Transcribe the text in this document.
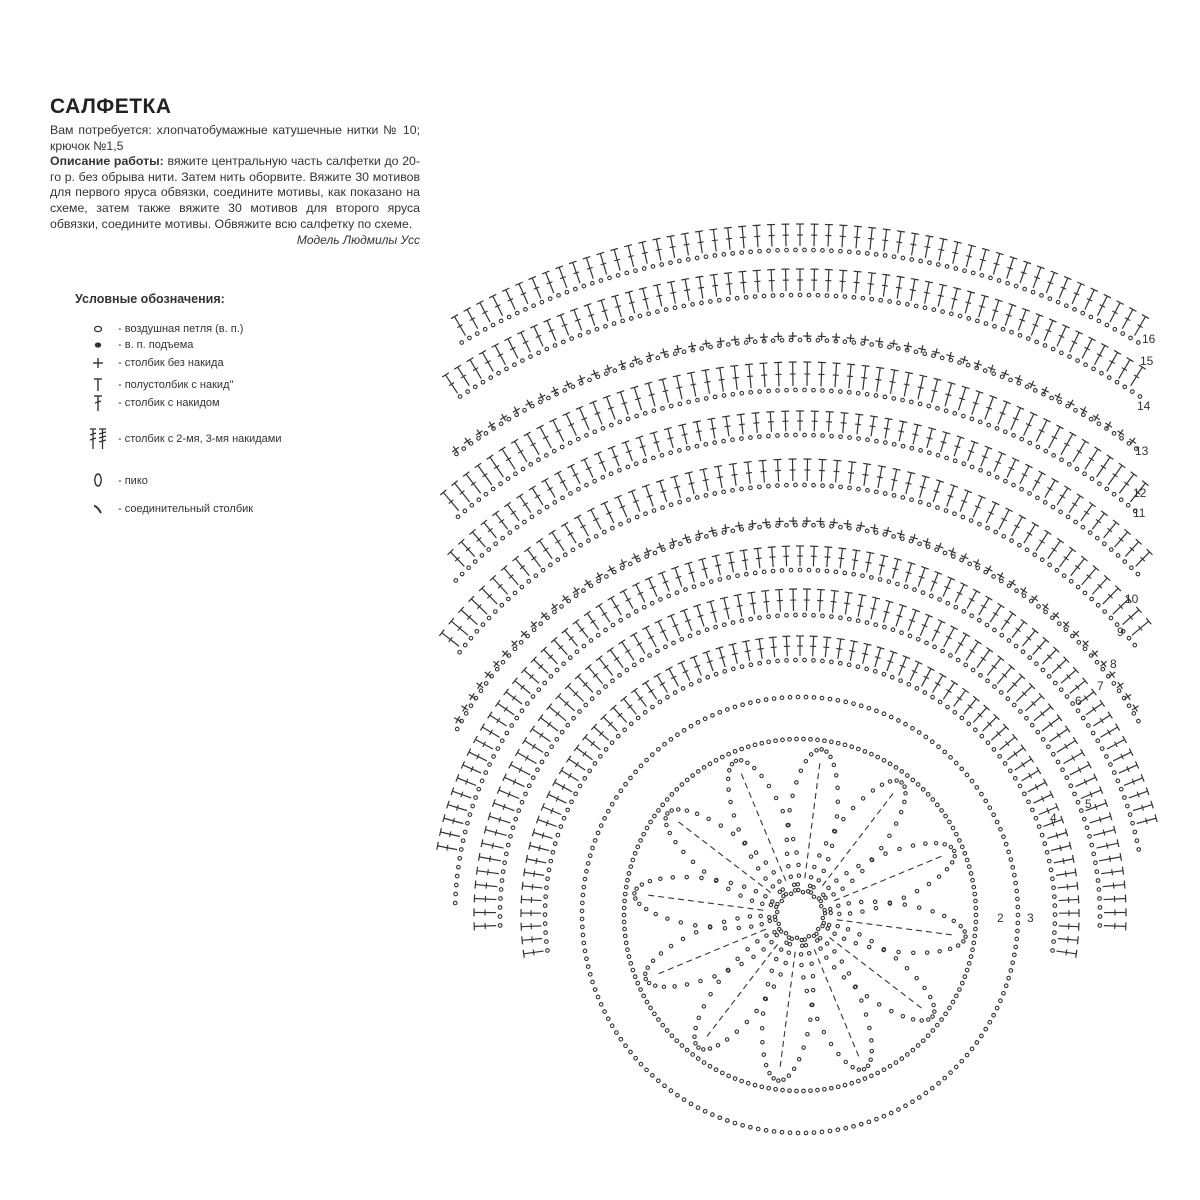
САЛФЕТКА

Вам потребуется: хлопчатобумажные катушечные нитки № 10; крючок №1,5

Описание работы: вяжите центральную часть салфетки до 20-го р. без обрыва нити. Затем нить оборвите. Вяжите 30 мотивов для первого яруса обвязки, соедините мотивы, как показано на схеме, затем также вяжите 30 мотивов для второго яруса обвязки, соедините мотивы. Обвяжите всю салфетку по схеме.

Модель Людмилы Усс
Условные обозначения:
- воздушная петля (в. п.)
- в. п. подъема
- столбик без накида
- полустолбик с накид"
- столбик с накидом
- столбик с 2-мя, 3-мя накидами
- пико
- соединительный столбик
2 3
4
5
6
7
8
9
10
11
12
13
14
15
16
